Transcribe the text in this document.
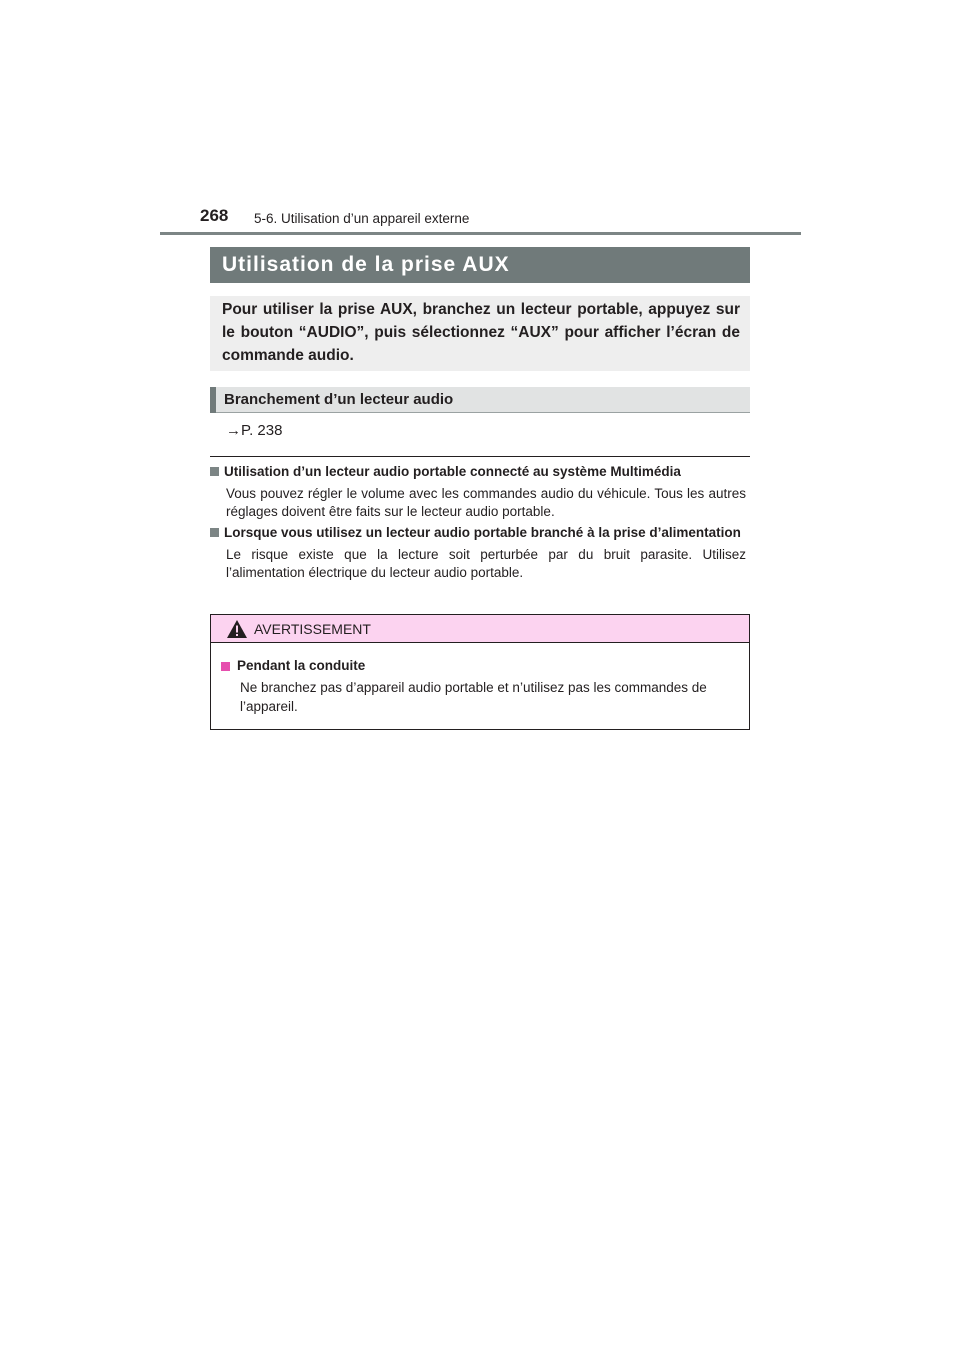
268 5-6. Utilisation d’un appareil externe
Utilisation de la prise AUX

Pour utiliser la prise AUX, branchez un lecteur portable, appuyez sur le bouton “AUDIO”, puis sélectionnez “AUX” pour afficher l’écran de commande audio.

Branchement d’un lecteur audio
→P. 238
Utilisation d’un lecteur audio portable connecté au système Multimédia
Vous pouvez régler le volume avec les commandes audio du véhicule. Tous les autres réglages doivent être faits sur le lecteur audio portable.
Lorsque vous utilisez un lecteur audio portable branché à la prise d’alimentation
Le risque existe que la lecture soit perturbée par du bruit parasite. Utilisez l’alimentation électrique du lecteur audio portable.
AVERTISSEMENT
Pendant la conduite
Ne branchez pas d’appareil audio portable et n’utilisez pas les commandes de l’appareil.
